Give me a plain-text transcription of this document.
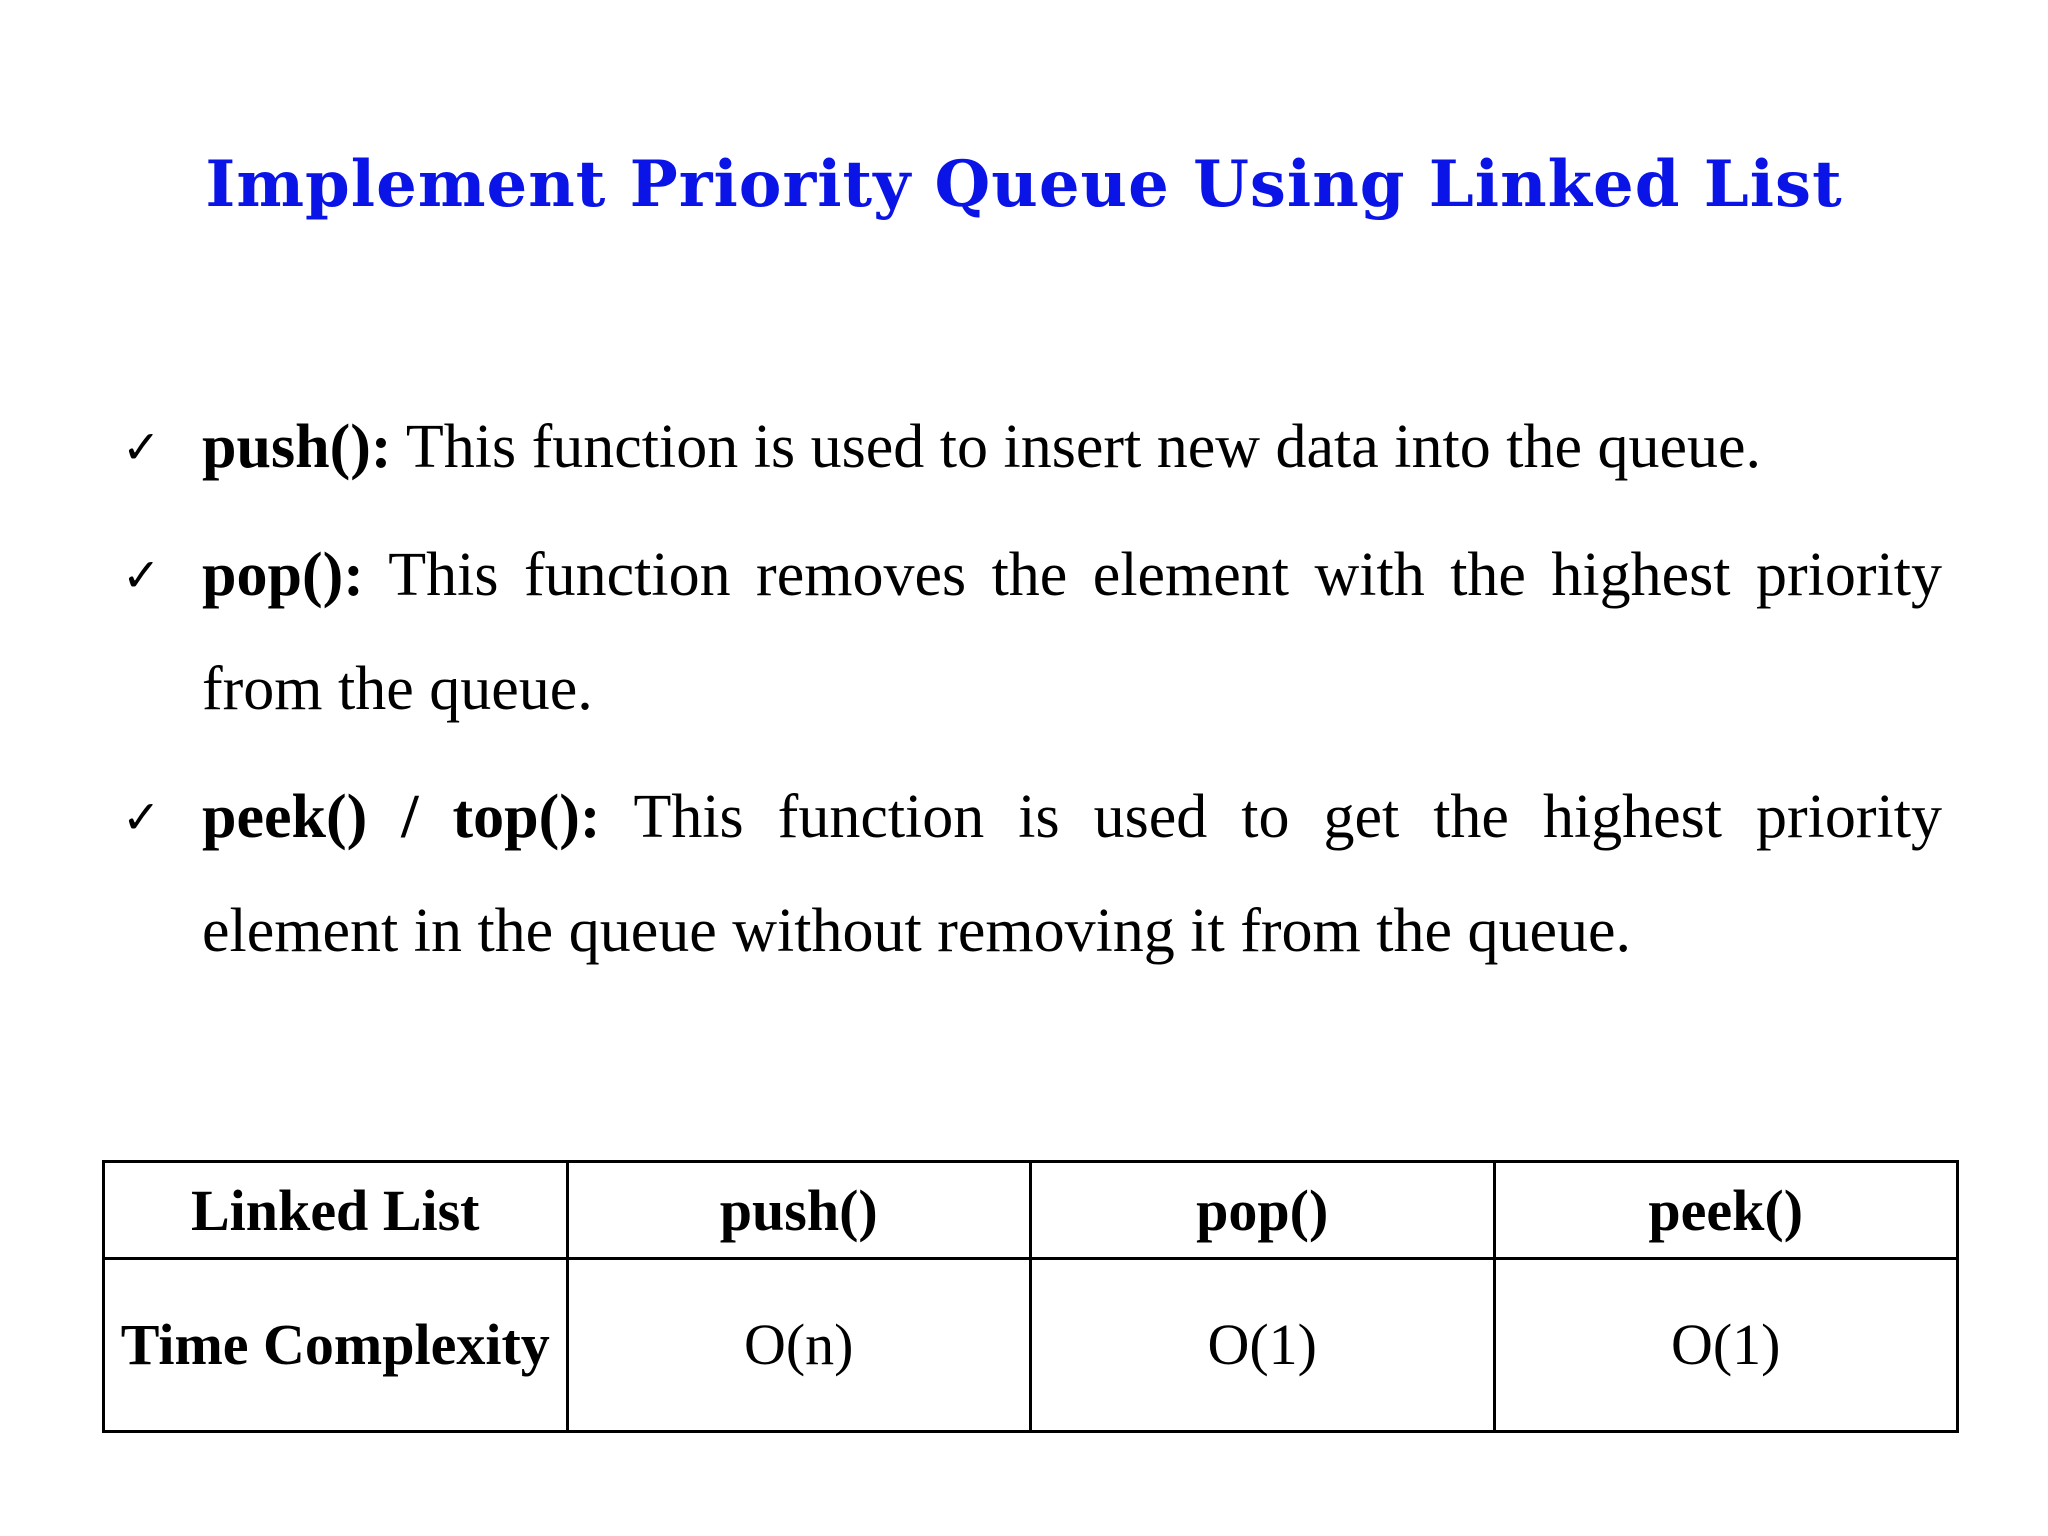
Implement Priority Queue Using Linked List
✓ push(): This function is used to insert new data into the queue.
✓ pop(): This function removes the element with the highest priority from the queue.
✓ peek() / top(): This function is used to get the highest priority element in the queue without removing it from the queue.
Linked List	push()	pop()	peek()
Time Complexity	O(n)	O(1)	O(1)
